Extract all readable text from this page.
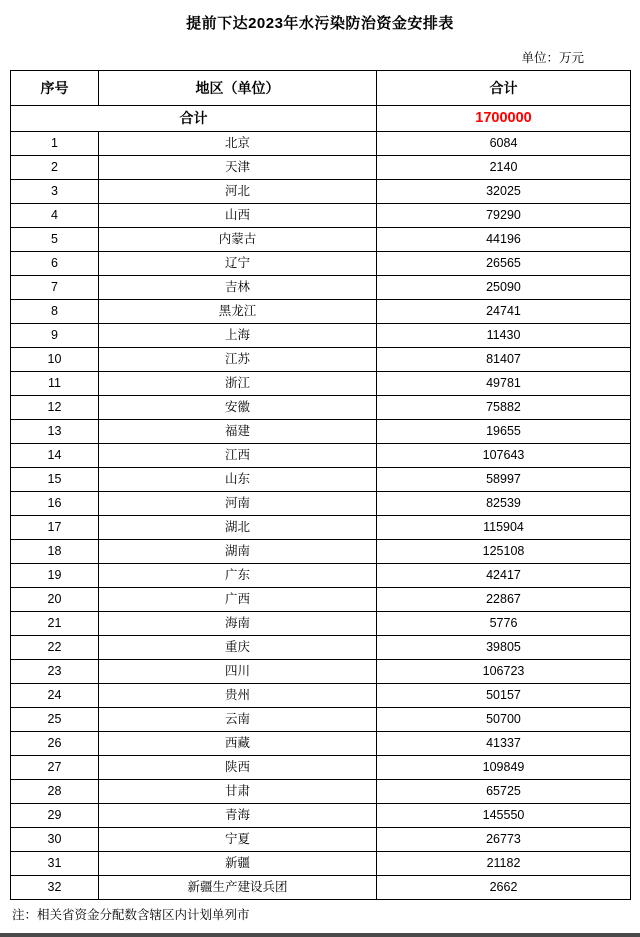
提前下达2023年水污染防治资金安排表
单位：万元
序号	地区（单位）	合计
合计		1700000
1	北京	6084
2	天津	2140
3	河北	32025
4	山西	79290
5	内蒙古	44196
6	辽宁	26565
7	吉林	25090
8	黑龙江	24741
9	上海	11430
10	江苏	81407
11	浙江	49781
12	安徽	75882
13	福建	19655
14	江西	107643
15	山东	58997
16	河南	82539
17	湖北	115904
18	湖南	125108
19	广东	42417
20	广西	22867
21	海南	5776
22	重庆	39805
23	四川	106723
24	贵州	50157
25	云南	50700
26	西藏	41337
27	陕西	109849
28	甘肃	65725
29	青海	145550
30	宁夏	26773
31	新疆	21182
32	新疆生产建设兵团	2662
注：相关省资金分配数含辖区内计划单列市
